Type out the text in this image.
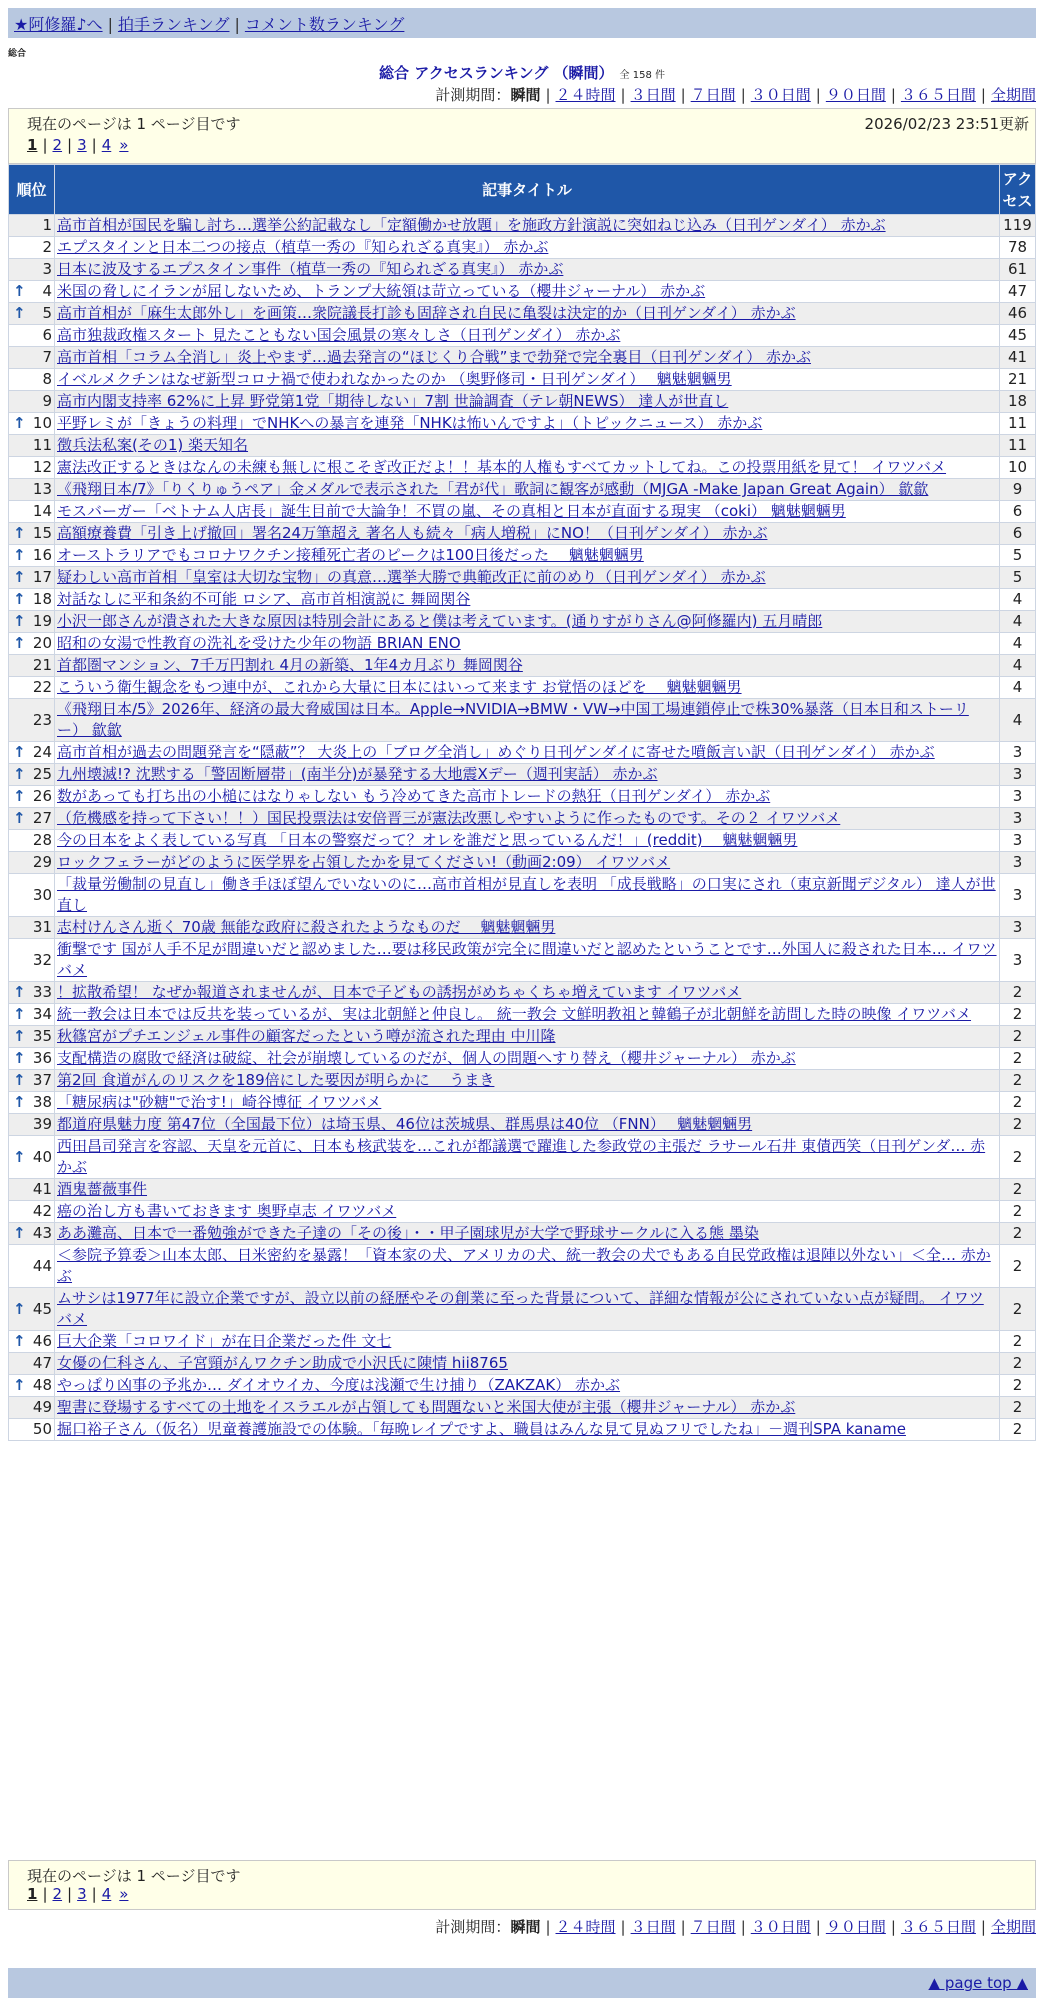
★阿修羅♪へ | 拍手ランキング | コメント数ランキング
総合
総合 アクセスランキング （瞬間） 全 158 件
計測期間：瞬間 | ２４時間 | ３日間 | ７日間 | ３０日間 | ９０日間 | ３６５日間 | 全期間
現在のページは 1 ページ目です	2026/02/23 23:51更新
1 | 2 | 3 | 4 »
順位	記事タイトル	アクセス
1	高市首相が国民を騙し討ち…選挙公約記載なし「定額働かせ放題」を施政方針演説に突如ねじ込み（日刊ゲンダイ） 赤かぶ	119
2	エプスタインと日本二つの接点（植草一秀の『知られざる真実』） 赤かぶ	78
3	日本に波及するエプスタイン事件（植草一秀の『知られざる真実』） 赤かぶ	61

↑ 4	米国の脅しにイランが屈しないため、トランプ大統領は苛立っている（櫻井ジャーナル） 赤かぶ	47

↑ 5	高市首相が「麻生太郎外し」を画策…衆院議長打診も固辞され自民に亀裂は決定的か（日刊ゲンダイ） 赤かぶ	46
6	高市独裁政権スタート 見たこともない国会風景の寒々しさ（日刊ゲンダイ） 赤かぶ	45
7	高市首相「コラム全消し」炎上やまず…過去発言の“ほじくり合戦”まで勃発で完全裏目（日刊ゲンダイ） 赤かぶ	41
8	イベルメクチンはなぜ新型コロナ禍で使われなかったのか （奥野修司・日刊ゲンダイ）　 魑魅魍魎男	21
9	高市内閣支持率 62%に上昇 野党第1党「期待しない」7割 世論調査（テレ朝NEWS） 達人が世直し	18

↑ 10	平野レミが「きょうの料理」でNHKへの暴言を連発「NHKは怖いんですよ」（トピックニュース） 赤かぶ	11
11	徴兵法私案(その1) 楽天知名	11
12	憲法改正するときはなんの未練も無しに根こそぎ改正だよ！！基本的人権もすべてカットしてね。この投票用紙を見て！ イワツバメ	10
13	《飛翔日本/7》「りくりゅうペア」金メダルで表示された「君が代」歌詞に観客が感動（MJGA -Make Japan Great Again） 歙歙	9
14	モスバーガー「ベトナム人店長」誕生目前で大論争！不買の嵐、その真相と日本が直面する現実 （coki） 魑魅魍魎男	6

↑ 15	高額療養費「引き上げ撤回」署名24万筆超え 著名人も続々「病人増税」にNO！（日刊ゲンダイ） 赤かぶ	6

↑ 16	オーストラリアでもコロナワクチン接種死亡者のピークは100日後だった　 魑魅魍魎男	5

↑ 17	疑わしい高市首相「皇室は大切な宝物」の真意…選挙大勝で典範改正に前のめり（日刊ゲンダイ） 赤かぶ	5

↑ 18	対話なしに平和条約不可能 ロシア、高市首相演説に 舞岡関谷	4

↑ 19	小沢一郎さんが潰された大きな原因は特別会計にあると僕は考えています。(通りすがりさん@阿修羅内) 五月晴郎	4

↑ 20	昭和の女湯で性教育の洗礼を受けた少年の物語 BRIAN ENO	4
21	首都圏マンション、7千万円割れ 4月の新築、1年4カ月ぶり 舞岡関谷	4
22	こういう衛生観念をもつ連中が、これから大量に日本にはいって来ます お覚悟のほどを　 魑魅魍魎男	4
23	《飛翔日本/5》2026年、経済の最大脅威国は日本。Apple→NVIDIA→BMW・VW→中国工場連鎖停止で株30%暴落（日本日和ストーリー） 歙歙	4

↑ 24	高市首相が過去の問題発言を“隠蔽”？ 大炎上の「ブログ全消し」めぐり日刊ゲンダイに寄せた噴飯言い訳（日刊ゲンダイ） 赤かぶ	3

↑ 25	九州壊滅!? 沈黙する「警固断層帯」(南半分)が暴発する大地震Xデー（週刊実話） 赤かぶ	3

↑ 26	数があっても打ち出の小槌にはなりゃしない もう冷めてきた高市トレードの熱狂（日刊ゲンダイ） 赤かぶ	3

↑ 27	（危機感を持って下さい！！）国民投票法は安倍晋三が憲法改悪しやすいように作ったものです。その２ イワツバメ	3
28	今の日本をよく表している写真 「日本の警察だって？オレを誰だと思っているんだ！」(reddit)　 魑魅魍魎男	3
29	ロックフェラーがどのように医学界を占領したかを見てください!（動画2:09） イワツバメ	3
30	「裁量労働制の見直し」働き手ほぼ望んでいないのに…高市首相が見直しを表明 「成長戦略」の口実にされ（東京新聞デジタル） 達人が世直し	3
31	志村けんさん逝く 70歳 無能な政府に殺されたようなものだ　 魑魅魍魎男	3
32	衝撃です 国が人手不足が間違いだと認めました…要は移民政策が完全に間違いだと認めたということです…外国人に殺された日本… イワツバメ	3

↑ 33	！拡散希望！ なぜか報道されませんが、日本で子どもの誘拐がめちゃくちゃ増えています イワツバメ	2

↑ 34	統一教会は日本では反共を装っているが、実は北朝鮮と仲良し。 統一教会 文鮮明教祖と韓鶴子が北朝鮮を訪問した時の映像 イワツバメ	2

↑ 35	秋篠宮がプチエンジェル事件の顧客だったという噂が流された理由 中川隆	2

↑ 36	支配構造の腐敗で経済は破綻、社会が崩壊しているのだが、個人の問題へすり替え（櫻井ジャーナル） 赤かぶ	2

↑ 37	第2回 食道がんのリスクを189倍にした要因が明らかに　 うまき	2

↑ 38	「糖尿病は"砂糖"で治す!」崎谷博征 イワツバメ	2
39	都道府県魅力度 第47位（全国最下位）は埼玉県、46位は茨城県、群馬県は40位 （FNN）　 魑魅魍魎男	2

↑ 40	西田昌司発言を容認、天皇を元首に、日本も核武装を…これが都議選で躍進した参政党の主張だ ラサール石井 東債西笑（日刊ゲンダ… 赤かぶ	2
41	酒鬼薔薇事件	2
42	癌の治し方も書いておきます 奥野卓志 イワツバメ	2

↑ 43	ああ灘高、日本で一番勉強ができた子達の「その後」・・甲子園球児が大学で野球サークルに入る態 墨染	2
44	＜参院予算委＞山本太郎、日米密約を暴露！「資本家の犬、アメリカの犬、統一教会の犬でもある自民党政権は退陣以外ない」＜全… 赤かぶ	2

↑ 45	ムサシは1977年に設立企業ですが、設立以前の経歴やその創業に至った背景について、詳細な情報が公にされていない点が疑問。 イワツバメ	2

↑ 46	巨大企業「コロワイド」が在日企業だった件 文七	2
47	女優の仁科さん、子宮頸がんワクチン助成で小沢氏に陳情 hii8765	2

↑ 48	やっぱり凶事の予兆か… ダイオウイカ、今度は浅瀬で生け捕り（ZAKZAK） 赤かぶ	2
49	聖書に登場するすべての土地をイスラエルが占領しても問題ないと米国大使が主張（櫻井ジャーナル） 赤かぶ	2
50	掘口裕子さん（仮名）児童養護施設での体験。「毎晩レイプですよ、職員はみんな見て見ぬフリでしたね」－週刊SPA kaname	2
現在のページは 1 ページ目です
1 | 2 | 3 | 4 »
計測期間：瞬間 | ２４時間 | ３日間 | ７日間 | ３０日間 | ９０日間 | ３６５日間 | 全期間
▲ page top ▲
